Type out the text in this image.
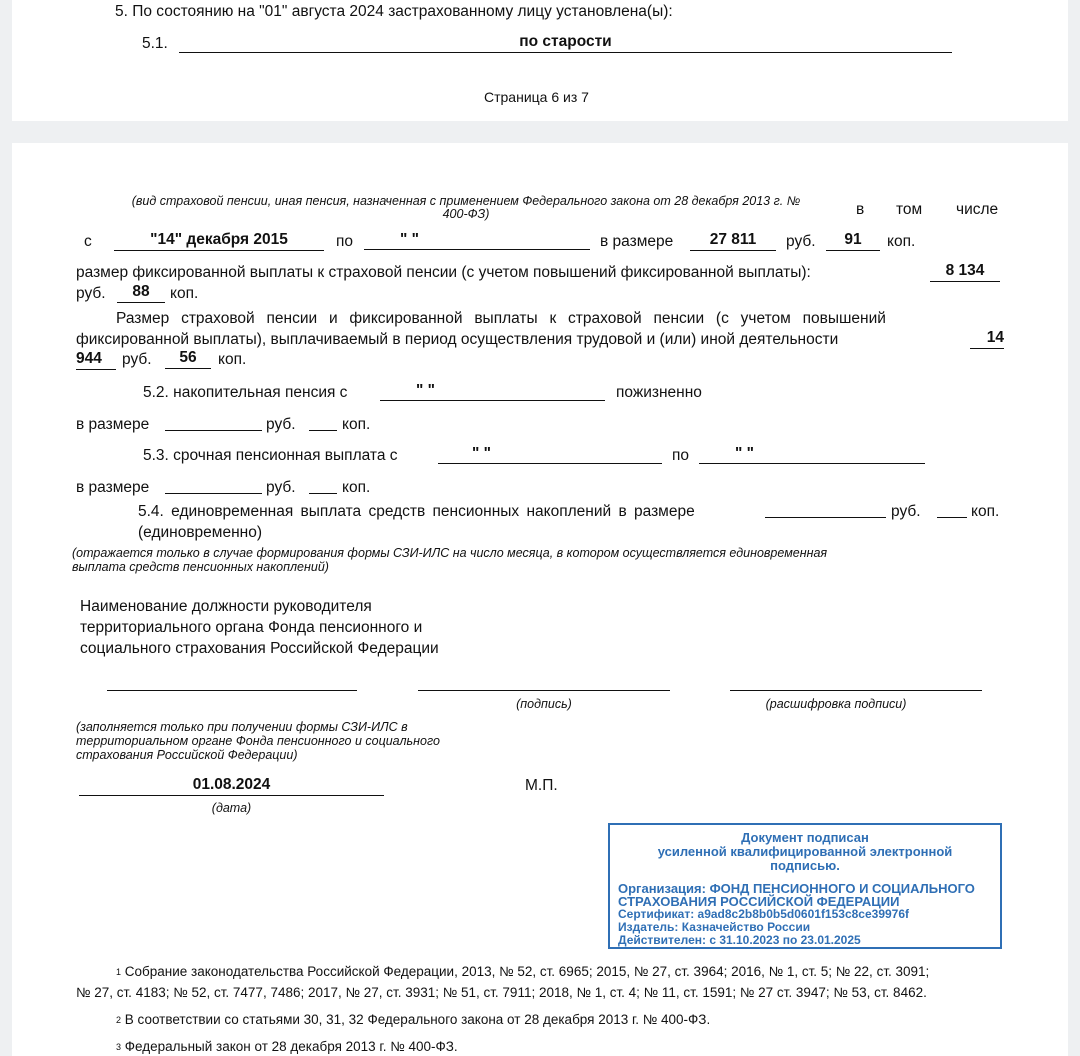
5. По состоянию на "01" августа 2024 застрахованному лицу установлена(ы):
5.1.	по старости
Страница 6 из 7
(вид страховой пенсии, иная пенсия, назначенная с применением Федерального закона от 28 декабря 2013 г. №
400-ФЗ)	в том числе
с	"14" декабря 2015	по	" "	в размере	27 811	руб.	91	коп.
размер фиксированной выплаты к страховой пенсии (с учетом повышений фиксированной выплаты):	8 134
руб.	88	коп.
Размер страховой пенсии и фиксированной выплаты к страховой пенсии (с учетом повышений
фиксированной выплаты), выплачиваемый в период осуществления трудовой и (или) иной деятельности	14
944	руб.	56	коп.
5.2. накопительная пенсия с	" "	пожизненно
в размере	руб.	коп.
5.3. срочная пенсионная выплата с	" "	по	" "
в размере	руб.	коп.
5.4. единовременная выплата средств пенсионных накоплений в размере	руб.	коп.
(единовременно)
(отражается только в случае формирования формы СЗИ-ИЛС на число месяца, в котором осуществляется единовременная
выплата средств пенсионных накоплений)
Наименование должности руководителя
территориального органа Фонда пенсионного и
социального страхования Российской Федерации
(подпись)	(расшифровка подписи)
(заполняется только при получении формы СЗИ-ИЛС в
территориальном органе Фонда пенсионного и социального
страхования Российской Федерации)
01.08.2024
(дата)
М.П.
Документ подписан
усиленной квалифицированной электронной
подписью.
Организация: ФОНД ПЕНСИОННОГО И СОЦИАЛЬНОГО
СТРАХОВАНИЯ РОССИЙСКОЙ ФЕДЕРАЦИИ
Сертификат: a9ad8c2b8b0b5d0601f153c8ce39976f
Издатель: Казначейство России
Действителен: с 31.10.2023 по 23.01.2025
$^1$ Собрание законодательства Российской Федерации, 2013, № 52, ст. 6965; 2015, № 27, ст. 3964; 2016, № 1, ст. 5; № 22, ст. 3091;
№ 27, ст. 4183; № 52, ст. 7477, 7486; 2017, № 27, ст. 3931; № 51, ст. 7911; 2018, № 1, ст. 4; № 11, ст. 1591; № 27 ст. 3947; № 53, ст. 8462.
$^2$ В соответствии со статьями 30, 31, 32 Федерального закона от 28 декабря 2013 г. № 400-ФЗ.
$^3$ Федеральный закон от 28 декабря 2013 г. № 400-ФЗ.
